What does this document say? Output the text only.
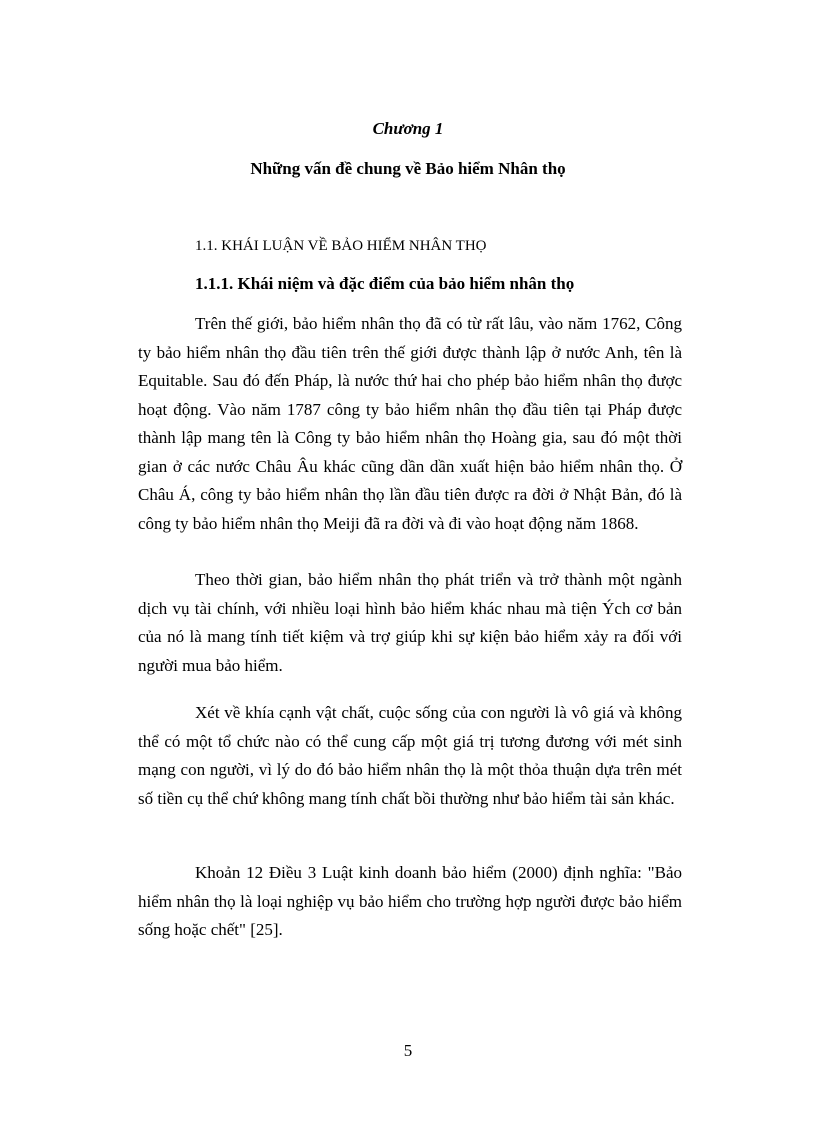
Chương 1
Những vấn đề chung về Bảo hiểm Nhân thọ
1.1. KHÁI LUẬN VỀ BẢO HIỂM NHÂN THỌ
1.1.1. Khái niệm và đặc điểm của bảo hiểm nhân thọ

Trên thế giới, bảo hiểm nhân thọ đã có từ rất lâu, vào năm 1762, Công ty bảo hiểm nhân thọ đầu tiên trên thế giới được thành lập ở nước Anh, tên là Equitable. Sau đó đến Pháp, là nước thứ hai cho phép bảo hiểm nhân thọ được hoạt động. Vào năm 1787 công ty bảo hiểm nhân thọ đầu tiên tại Pháp được thành lập mang tên là Công ty bảo hiểm nhân thọ Hoàng gia, sau đó một thời gian ở các nước Châu Âu khác cũng dần dần xuất hiện bảo hiểm nhân thọ. Ở Châu Á, công ty bảo hiểm nhân thọ lần đầu tiên được ra đời ở Nhật Bản, đó là công ty bảo hiểm nhân thọ Meiji đã ra đời và đi vào hoạt động năm 1868.

Theo thời gian, bảo hiểm nhân thọ phát triển và trở thành một ngành dịch vụ tài chính, với nhiều loại hình bảo hiểm khác nhau mà tiện Ých cơ bản của nó là mang tính tiết kiệm và trợ giúp khi sự kiện bảo hiểm xảy ra đối với người mua bảo hiểm.

Xét về khía cạnh vật chất, cuộc sống của con người là vô giá và không thể có một tổ chức nào có thể cung cấp một giá trị tương đương với mét sinh mạng con người, vì lý do đó bảo hiểm nhân thọ là một thỏa thuận dựa trên mét số tiền cụ thể chứ không mang tính chất bồi thường như bảo hiểm tài sản khác.

Khoản 12 Điều 3 Luật kinh doanh bảo hiểm (2000) định nghĩa: "Bảo hiểm nhân thọ là loại nghiệp vụ bảo hiểm cho trường hợp người được bảo hiểm sống hoặc chết" [25].

5
